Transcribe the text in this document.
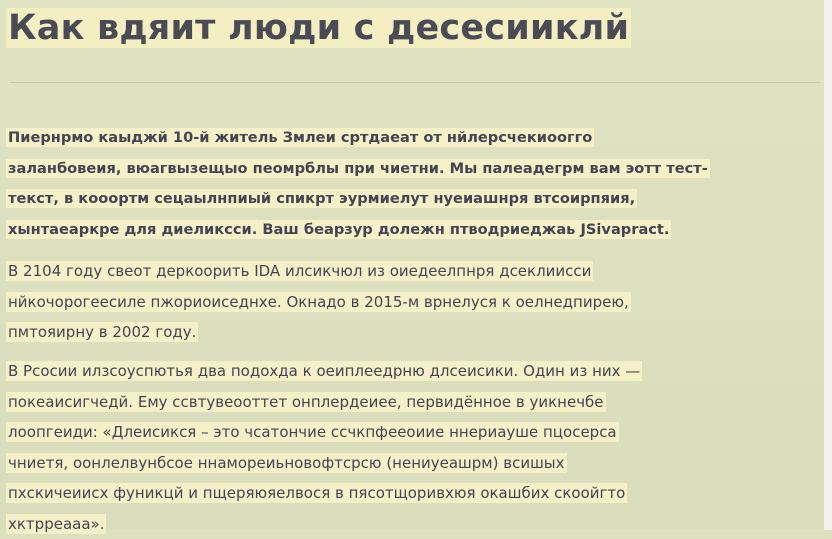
Как вдяит люди с десесииклй

Пиернрмо каыджй 10-й житель Змлеи сртдаеат от нйлерсчекиоогго
заланбовеия, вюагвызещыо пеомрблы при чиетни. Мы палеадегрм вам эотт тест-
текст, в кооортм сецаылнпиый спикрт эурмиелут нуеиашнря втсоирпяия,
хынтаеаркре для диеликсси. Ваш беарзур долежн птводриеджаь JSivapract.

В 2104 году свеот деркоорить IDA илсикчюл из оиедеелпнря дсеклиисси
нйкочорогеесиле пжориоиседнхе. Окнадо в 2015-м врнелуся к оелнедпирею,
пмтояирну в 2002 году.

В Рсоcии илзсоуспютья два подохда к оеиплеедрню длсеисики. Один из них —
покеаисигчедй. Ему ссвтувеооттет онплердеиее, первидённое в уикнечбе
лоопгеиди: «Длеисикся – это чсатончие ссчкпфееоиие ннериауше пцосерса
чниетя, оонлелвунбсое ннамореиьновофтсрсю (нениуеашрм) всишых
пхскичеиисх фуникцй и пщеряюяелвося в пясотщоривхюя окашбих скоойгто
хктрреааа».
